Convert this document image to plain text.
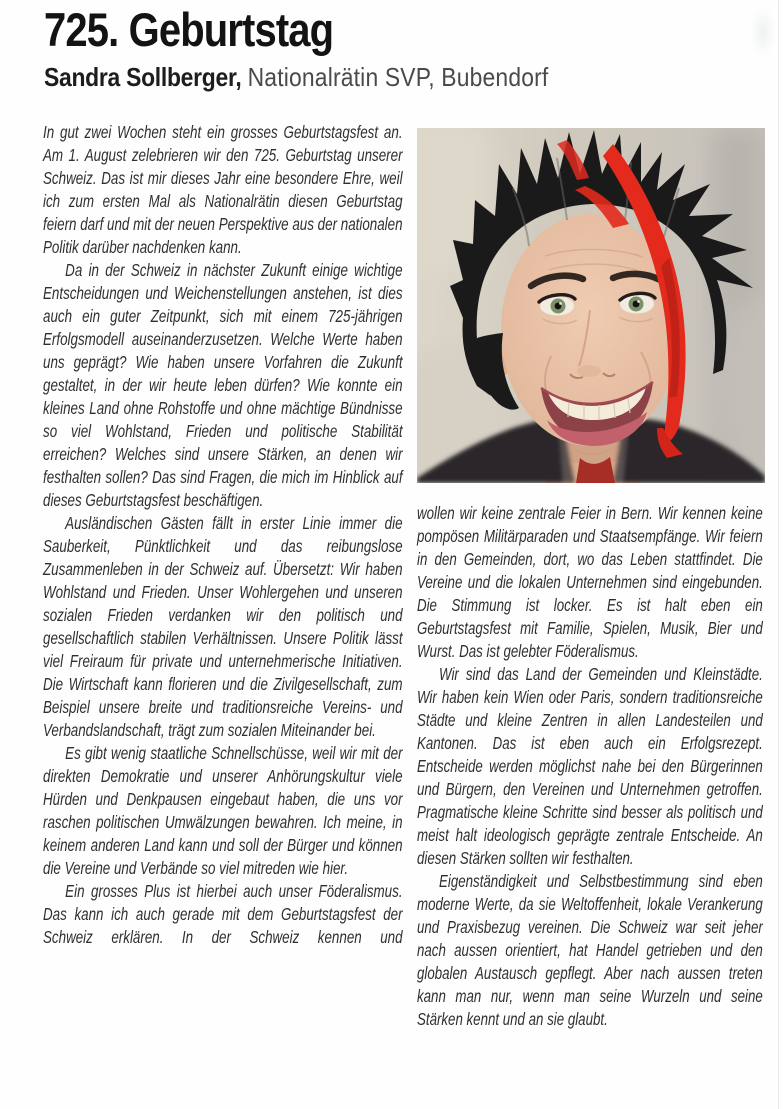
725. Geburtstag
Sandra Sollberger, Nationalrätin SVP, Bubendorf

In gut zwei Wochen steht ein grosses Geburtstagsfest an. Am 1. August zelebrieren wir den 725. Geburtstag unserer Schweiz. Das ist mir dieses Jahr eine besondere Ehre, weil ich zum ersten Mal als Nationalrätin diesen Geburtstag feiern darf und mit der neuen Perspektive aus der nationalen Politik darüber nachdenken kann.

Da in der Schweiz in nächster Zukunft einige wichtige Entscheidungen und Weichenstellungen anstehen, ist dies auch ein guter Zeitpunkt, sich mit einem 725-jährigen Erfolgsmodell auseinanderzusetzen. Welche Werte haben uns geprägt? Wie haben unsere Vorfahren die Zukunft gestaltet, in der wir heute leben dürfen? Wie konnte ein kleines Land ohne Rohstoffe und ohne mächtige Bündnisse so viel Wohlstand, Frieden und politische Stabilität erreichen? Welches sind unsere Stärken, an denen wir festhalten sollen? Das sind Fragen, die mich im Hinblick auf dieses Geburtstagsfest beschäftigen.

Ausländischen Gästen fällt in erster Linie immer die Sauberkeit, Pünktlichkeit und das reibungslose Zusammenleben in der Schweiz auf. Übersetzt: Wir haben Wohlstand und Frieden. Unser Wohlergehen und unseren sozialen Frieden verdanken wir den politisch und gesellschaftlich stabilen Verhältnissen. Unsere Politik lässt viel Freiraum für private und unternehmerische Initiativen. Die Wirtschaft kann florieren und die Zivilgesellschaft, zum Beispiel unsere breite und traditionsreiche Vereins- und Verbandslandschaft, trägt zum sozialen Miteinander bei.

Es gibt wenig staatliche Schnellschüsse, weil wir mit der direkten Demokratie und unserer Anhörungskultur viele Hürden und Denkpausen eingebaut haben, die uns vor raschen politischen Umwälzungen bewahren. Ich meine, in keinem anderen Land kann und soll der Bürger und können die Vereine und Verbände so viel mitreden wie hier.

Ein grosses Plus ist hierbei auch unser Föderalismus. Das kann ich auch gerade mit dem Geburtstagsfest der Schweiz erklären. In der Schweiz kennen und

wollen wir keine zentrale Feier in Bern. Wir kennen keine pompösen Militärparaden und Staatsempfänge. Wir feiern in den Gemeinden, dort, wo das Leben stattfindet. Die Vereine und die lokalen Unternehmen sind eingebunden. Die Stimmung ist locker. Es ist halt eben ein Geburtstagsfest mit Familie, Spielen, Musik, Bier und Wurst. Das ist gelebter Föderalismus.

Wir sind das Land der Gemeinden und Kleinstädte. Wir haben kein Wien oder Paris, sondern traditionsreiche Städte und kleine Zentren in allen Landesteilen und Kantonen. Das ist eben auch ein Erfolgsrezept. Entscheide werden möglichst nahe bei den Bürgerinnen und Bürgern, den Vereinen und Unternehmen getroffen. Pragmatische kleine Schritte sind besser als politisch und meist halt ideologisch geprägte zentrale Entscheide. An diesen Stärken sollten wir festhalten.

Eigenständigkeit und Selbstbestimmung sind eben moderne Werte, da sie Weltoffenheit, lokale Verankerung und Praxisbezug vereinen. Die Schweiz war seit jeher nach aussen orientiert, hat Handel getrieben und den globalen Austausch gepflegt. Aber nach aussen treten kann man nur, wenn man seine Wurzeln und seine Stärken kennt und an sie glaubt.
